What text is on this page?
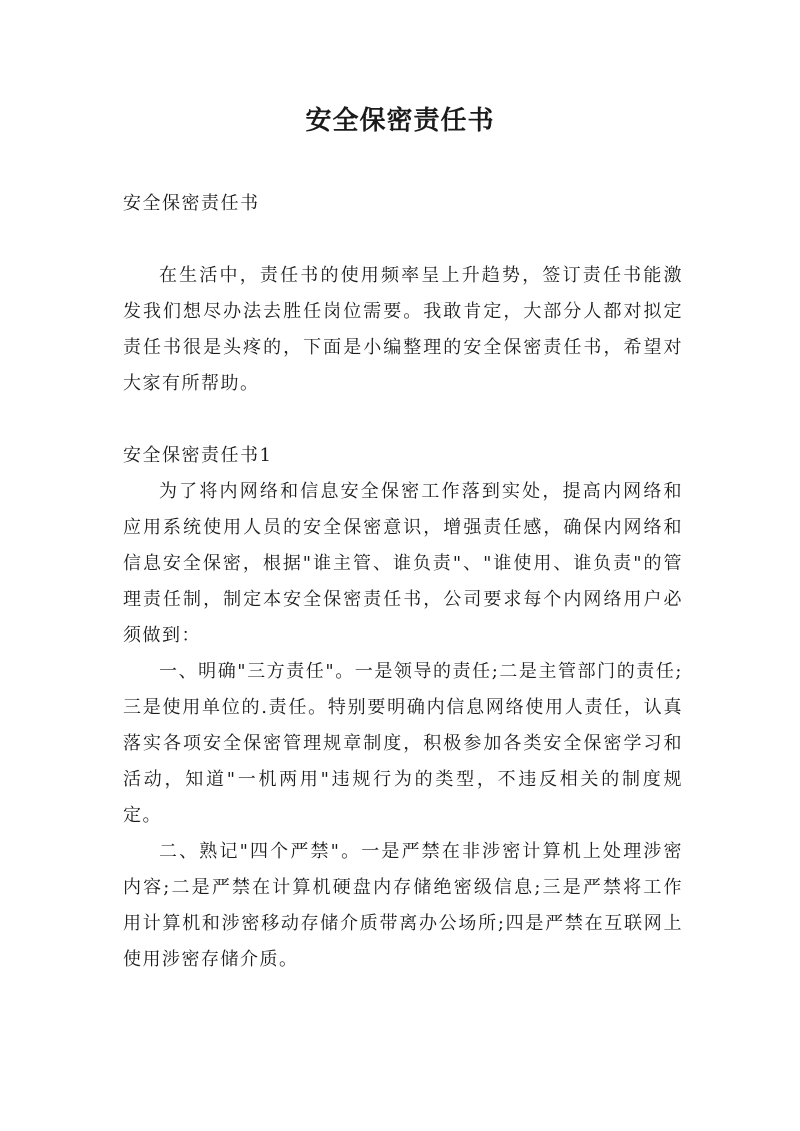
安全保密责任书

安全保密责任书

在生活中，责任书的使用频率呈上升趋势，签订责任书能激发我们想尽办法去胜任岗位需要。我敢肯定，大部分人都对拟定责任书很是头疼的，下面是小编整理的安全保密责任书，希望对大家有所帮助。

安全保密责任书1

为了将内网络和信息安全保密工作落到实处，提高内网络和应用系统使用人员的安全保密意识，增强责任感，确保内网络和信息安全保密，根据"谁主管、谁负责"、"谁使用、谁负责"的管理责任制，制定本安全保密责任书，公司要求每个内网络用户必须做到：

一、明确"三方责任"。一是领导的责任;二是主管部门的责任;三是使用单位的.责任。特别要明确内信息网络使用人责任，认真落实各项安全保密管理规章制度，积极参加各类安全保密学习和活动，知道"一机两用"违规行为的类型，不违反相关的制度规定。

二、熟记"四个严禁"。一是严禁在非涉密计算机上处理涉密内容;二是严禁在计算机硬盘内存储绝密级信息;三是严禁将工作用计算机和涉密移动存储介质带离办公场所;四是严禁在互联网上使用涉密存储介质。
